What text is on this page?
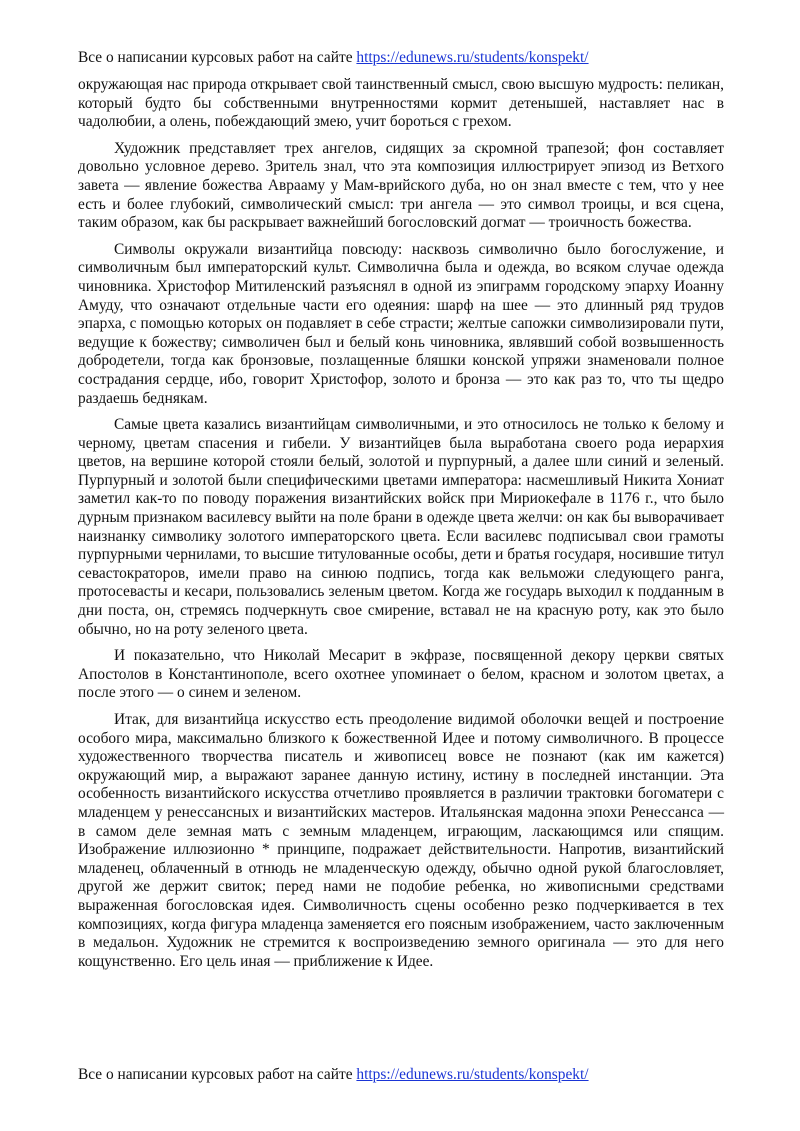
Все о написании курсовых работ на сайте https://edunews.ru/students/konspekt/

окружающая нас природа открывает свой таинственный смысл, свою высшую мудрость: пеликан, который будто бы собственными внутренностями кормит детенышей, наставляет нас в чадолюбии, а олень, побеждающий змею, учит бороться с грехом.

Художник представляет трех ангелов, сидящих за скромной трапезой; фон составляет довольно условное дерево. Зритель знал, что эта композиция иллюстрирует эпизод из Ветхого завета — явление божества Аврааму у Мам-врийского дуба, но он знал вместе с тем, что у нее есть и более глубокий, символический смысл: три ангела — это символ троицы, и вся сцена, таким образом, как бы раскрывает важнейший богословский догмат — троичность божества.

Символы окружали византийца повсюду: насквозь символично было богослужение, и символичным был императорский культ. Символична была и одежда, во всяком случае одежда чиновника. Христофор Митиленский разъяснял в одной из эпиграмм городскому эпарху Иоанну Амуду, что означают отдельные части его одеяния: шарф на шее — это длинный ряд трудов эпарха, с помощью которых он подавляет в себе страсти; желтые сапожки символизировали пути, ведущие к божеству; символичен был и белый конь чиновника, являвший собой возвышенность добродетели, тогда как бронзовые, позлащенные бляшки конской упряжи знаменовали полное сострадания сердце, ибо, говорит Христофор, золото и бронза — это как раз то, что ты щедро раздаешь беднякам.

Самые цвета казались византийцам символичными, и это относилось не только к белому и черному, цветам спасения и гибели. У византийцев была выработана своего рода иерархия цветов, на вершине которой стояли белый, золотой и пурпурный, а далее шли синий и зеленый. Пурпурный и золотой были специфическими цветами императора: насмешливый Никита Хониат заметил как-то по поводу поражения византийских войск при Мириокефале в 1176 г., что было дурным признаком василевсу выйти на поле брани в одежде цвета желчи: он как бы выворачивает наизнанку символику золотого императорского цвета. Если василевс подписывал свои грамоты пурпурными чернилами, то высшие титулованные особы, дети и братья государя, носившие титул севастократоров, имели право на синюю подпись, тогда как вельможи следующего ранга, протосевасты и кесари, пользовались зеленым цветом. Когда же государь выходил к подданным в дни поста, он, стремясь подчеркнуть свое смирение, вставал не на красную роту, как это было обычно, но на роту зеленого цвета.

И показательно, что Николай Месарит в экфразе, посвященной декору церкви святых Апостолов в Константинополе, всего охотнее упоминает о белом, красном и золотом цветах, а после этого — о синем и зеленом.

Итак, для византийца искусство есть преодоление видимой оболочки вещей и построение особого мира, максимально близкого к божественной Идее и потому символичного. В процессе художественного творчества писатель и живописец вовсе не познают (как им кажется) окружающий мир, а выражают заранее данную истину, истину в последней инстанции. Эта особенность византийского искусства отчетливо проявляется в различии трактовки богоматери с младенцем у ренессансных и византийских мастеров. Итальянская мадонна эпохи Ренессанса — в самом деле земная мать с земным младенцем, играющим, ласкающимся или спящим. Изображение иллюзионно * принципе, подражает действительности. Напротив, византийский младенец, облаченный в отнюдь не младенческую одежду, обычно одной рукой благословляет, другой же держит свиток; перед нами не подобие ребенка, но живописными средствами выраженная богословская идея. Символичность сцены особенно резко подчеркивается в тех композициях, когда фигура младенца заменяется его поясным изображением, часто заключенным в медальон. Художник не стремится к воспроизведению земного оригинала — это для него кощунственно. Его цель иная — приближение к Идее.

Все о написании курсовых работ на сайте https://edunews.ru/students/konspekt/
